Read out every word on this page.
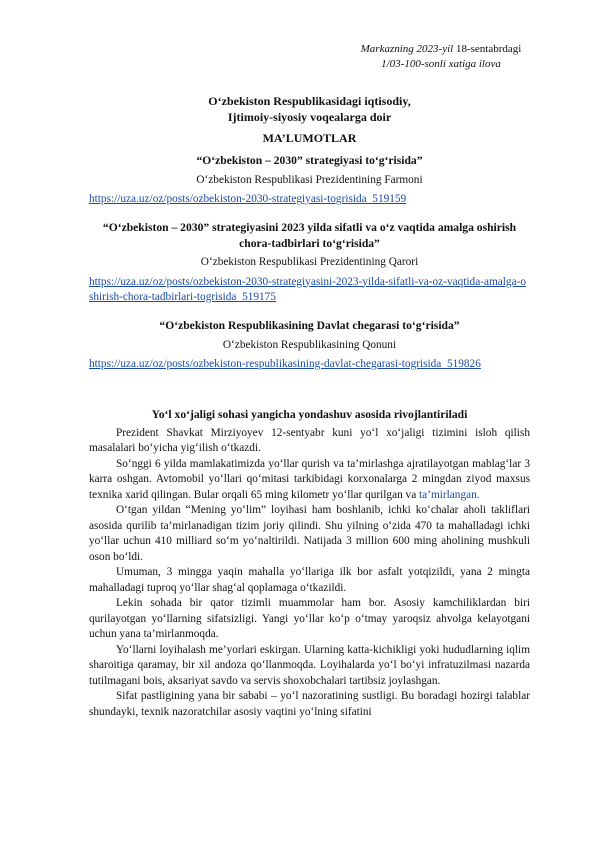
Markazning 2023-yil 18-sentabrdagi
1/03-100-sonli xatiga ilova
O‘zbekiston Respublikasidagi iqtisodiy,
Ijtimoiy-siyosiy voqealarga doir
MA’LUMOTLAR
“O‘zbekiston – 2030” strategiyasi to‘g‘risida”
O‘zbekiston Respublikasi Prezidentining Farmoni
https://uza.uz/oz/posts/ozbekiston-2030-strategiyasi-togrisida_519159
“O‘zbekiston – 2030” strategiyasini 2023 yilda sifatli va o‘z vaqtida amalga oshirish chora-tadbirlari to‘g‘risida”
O‘zbekiston Respublikasi Prezidentining Qarori
https://uza.uz/oz/posts/ozbekiston-2030-strategiyasini-2023-yilda-sifatli-va-oz-vaqtida-amalga-oshirish-chora-tadbirlari-togrisida_519175
“O‘zbekiston Respublikasining Davlat chegarasi to‘g‘risida”
O‘zbekiston Respublikasining Qonuni
https://uza.uz/oz/posts/ozbekiston-respublikasining-davlat-chegarasi-togrisida_519826
Yo‘l xo‘jaligi sohasi yangicha yondashuv asosida rivojlantiriladi

Prezident Shavkat Mirziyoyev 12-sentyabr kuni yo‘l xo‘jaligi tizimini isloh qilish masalalari bo‘yicha yig‘ilish o‘tkazdi.

So‘nggi 6 yilda mamlakatimizda yo‘llar qurish va ta’mirlashga ajratilayotgan mablag‘lar 3 karra oshgan. Avtomobil yo‘llari qo‘mitasi tarkibidagi korxonalarga 2 mingdan ziyod maxsus texnika xarid qilingan. Bular orqali 65 ming kilometr yo‘llar qurilgan va ta’mirlangan.

O‘tgan yildan “Mening yo‘lim” loyihasi ham boshlanib, ichki ko‘chalar aholi takliflari asosida qurilib ta’mirlanadigan tizim joriy qilindi. Shu yilning o‘zida 470 ta mahalladagi ichki yo‘llar uchun 410 milliard so‘m yo‘naltirildi. Natijada 3 million 600 ming aholining mushkuli oson bo‘ldi.

Umuman, 3 mingga yaqin mahalla yo‘llariga ilk bor asfalt yotqizildi, yana 2 mingta mahalladagi tuproq yo‘llar shag‘al qoplamaga o‘tkazildi.

Lekin sohada bir qator tizimli muammolar ham bor. Asosiy kamchiliklardan biri qurilayotgan yo‘llarning sifatsizligi. Yangi yo‘llar ko‘p o‘tmay yaroqsiz ahvolga kelayotgani uchun yana ta’mirlanmoqda.

Yo‘llarni loyihalash me’yorlari eskirgan. Ularning katta-kichikligi yoki hududlarning iqlim sharoitiga qaramay, bir xil andoza qo‘llanmoqda. Loyihalarda yo‘l bo‘yi infratuzilmasi nazarda tutilmagani bois, aksariyat savdo va servis shoxobchalari tartibsiz joylashgan.

Sifat pastligining yana bir sababi – yo‘l nazoratining sustligi. Bu boradagi hozirgi talablar shundayki, texnik nazoratchilar asosiy vaqtini yo‘lning sifatini
